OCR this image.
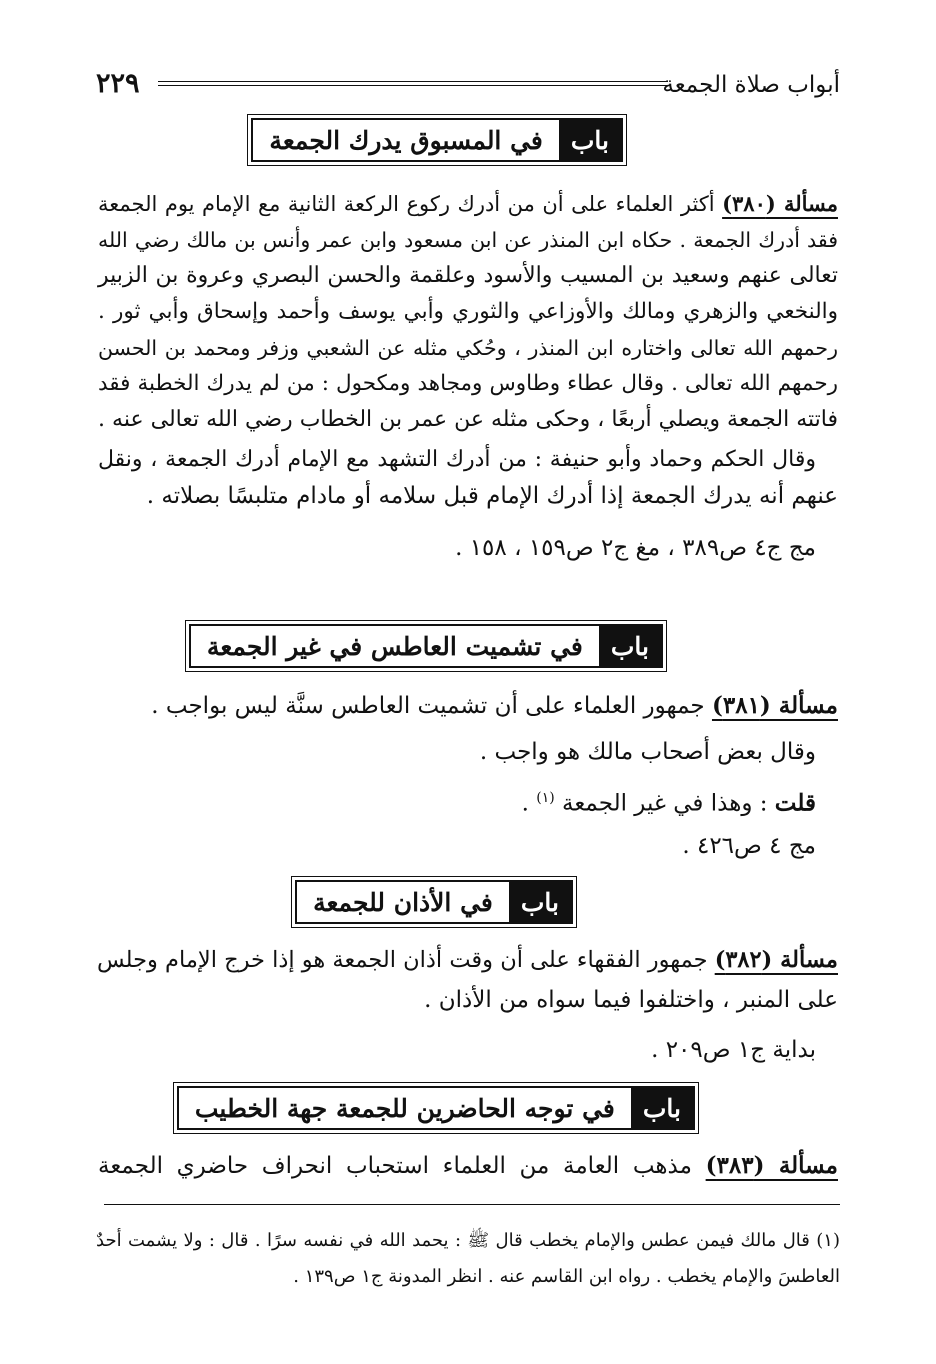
أبواب صلاة الجمعة
٢٢٩
باب
في المسبوق يدرك الجمعة
مسألة (٣٨٠) أكثر العلماء على أن من أدرك ركوع الركعة الثانية مع الإمام يوم الجمعة
فقد أدرك الجمعة . حكاه ابن المنذر عن ابن مسعود وابن عمر وأنس بن مالك رضي الله
تعالى عنهم وسعيد بن المسيب والأسود وعلقمة والحسن البصري وعروة بن الزبير
والنخعي والزهري ومالك والأوزاعي والثوري وأبي يوسف وأحمد وإسحاق وأبي ثور .
رحمهم الله تعالى واختاره ابن المنذر ، وحُكي مثله عن الشعبي وزفر ومحمد بن الحسن
رحمهم الله تعالى . وقال عطاء وطاوس ومجاهد ومكحول : من لم يدرك الخطبة فقد
فاتته الجمعة ويصلي أربعًا ، وحكى مثله عن عمر بن الخطاب رضي الله تعالى عنه .
وقال الحكم وحماد وأبو حنيفة : من أدرك التشهد مع الإمام أدرك الجمعة ، ونقل
عنهم أنه يدرك الجمعة إذا أدرك الإمام قبل سلامه أو مادام متلبسًا بصلاته .
مج ج٤ ص٣٨٩ ، مغ ج٢ ص١٥٩ ، ١٥٨ .
باب
في تشميت العاطس في غير الجمعة
مسألة (٣٨١) جمهور العلماء على أن تشميت العاطس سنَّة ليس بواجب .
وقال بعض أصحاب مالك هو واجب .
قلت : وهذا في غير الجمعة $^{(١)}$ .
مج ٤ ص٤٢٦ .
باب
في الأذان للجمعة
مسألة (٣٨٢) جمهور الفقهاء على أن وقت أذان الجمعة هو إذا خرج الإمام وجلس
على المنبر ، واختلفوا فيما سواه من الأذان .
بداية ج١ ص٢٠٩ .
باب
في توجه الحاضرين للجمعة جهة الخطيب
مسألة (٣٨٣) مذهب العامة من العلماء استحباب انحراف حاضري الجمعة
(١) قال مالك فيمن عطس والإمام يخطب قال ﷺ : يحمد الله في نفسه سرًا . قال : ولا يشمت أحدٌ
العاطسَ والإمام يخطب . رواه ابن القاسم عنه . انظر المدونة ج١ ص١٣٩ .
